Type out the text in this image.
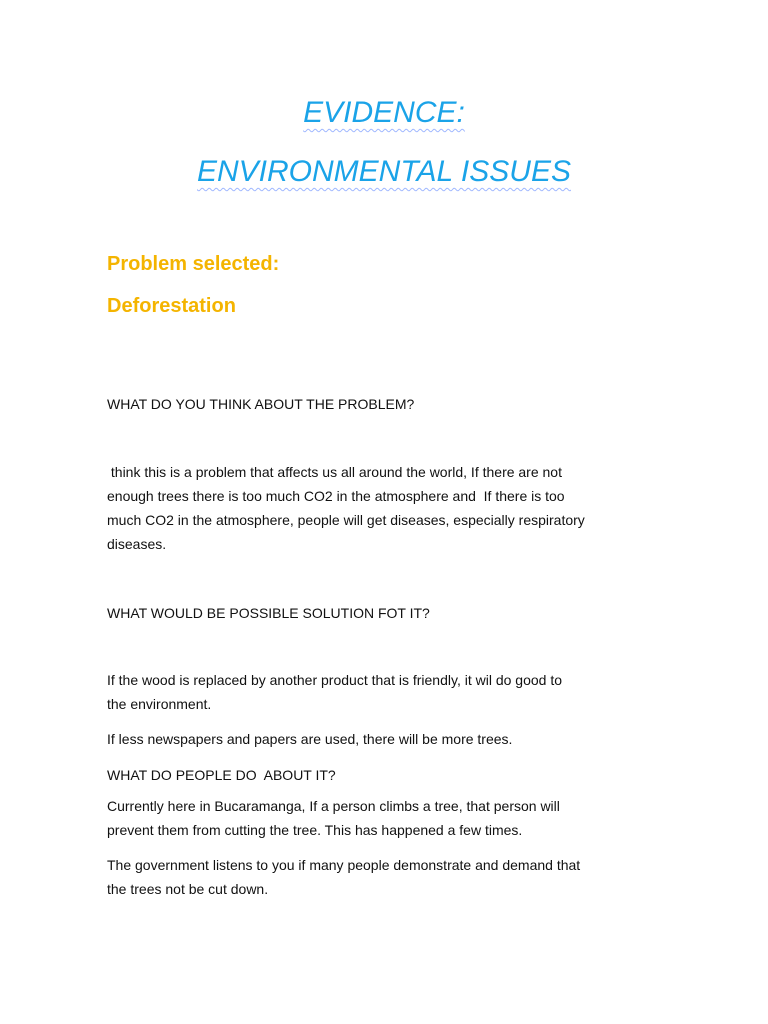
EVIDENCE:
ENVIRONMENTAL ISSUES
Problem selected:
Deforestation
WHAT DO YOU THINK ABOUT THE PROBLEM?
think this is a problem that affects us all around the world, If there are not
enough trees there is too much CO2 in the atmosphere and  If there is too
much CO2 in the atmosphere, people will get diseases, especially respiratory
diseases.
WHAT WOULD BE POSSIBLE SOLUTION FOT IT?
If the wood is replaced by another product that is friendly, it wil do good to
the environment.
If less newspapers and papers are used, there will be more trees.
WHAT DO PEOPLE DO  ABOUT IT?
Currently here in Bucaramanga, If a person climbs a tree, that person will
prevent them from cutting the tree. This has happened a few times.
The government listens to you if many people demonstrate and demand that
the trees not be cut down.
